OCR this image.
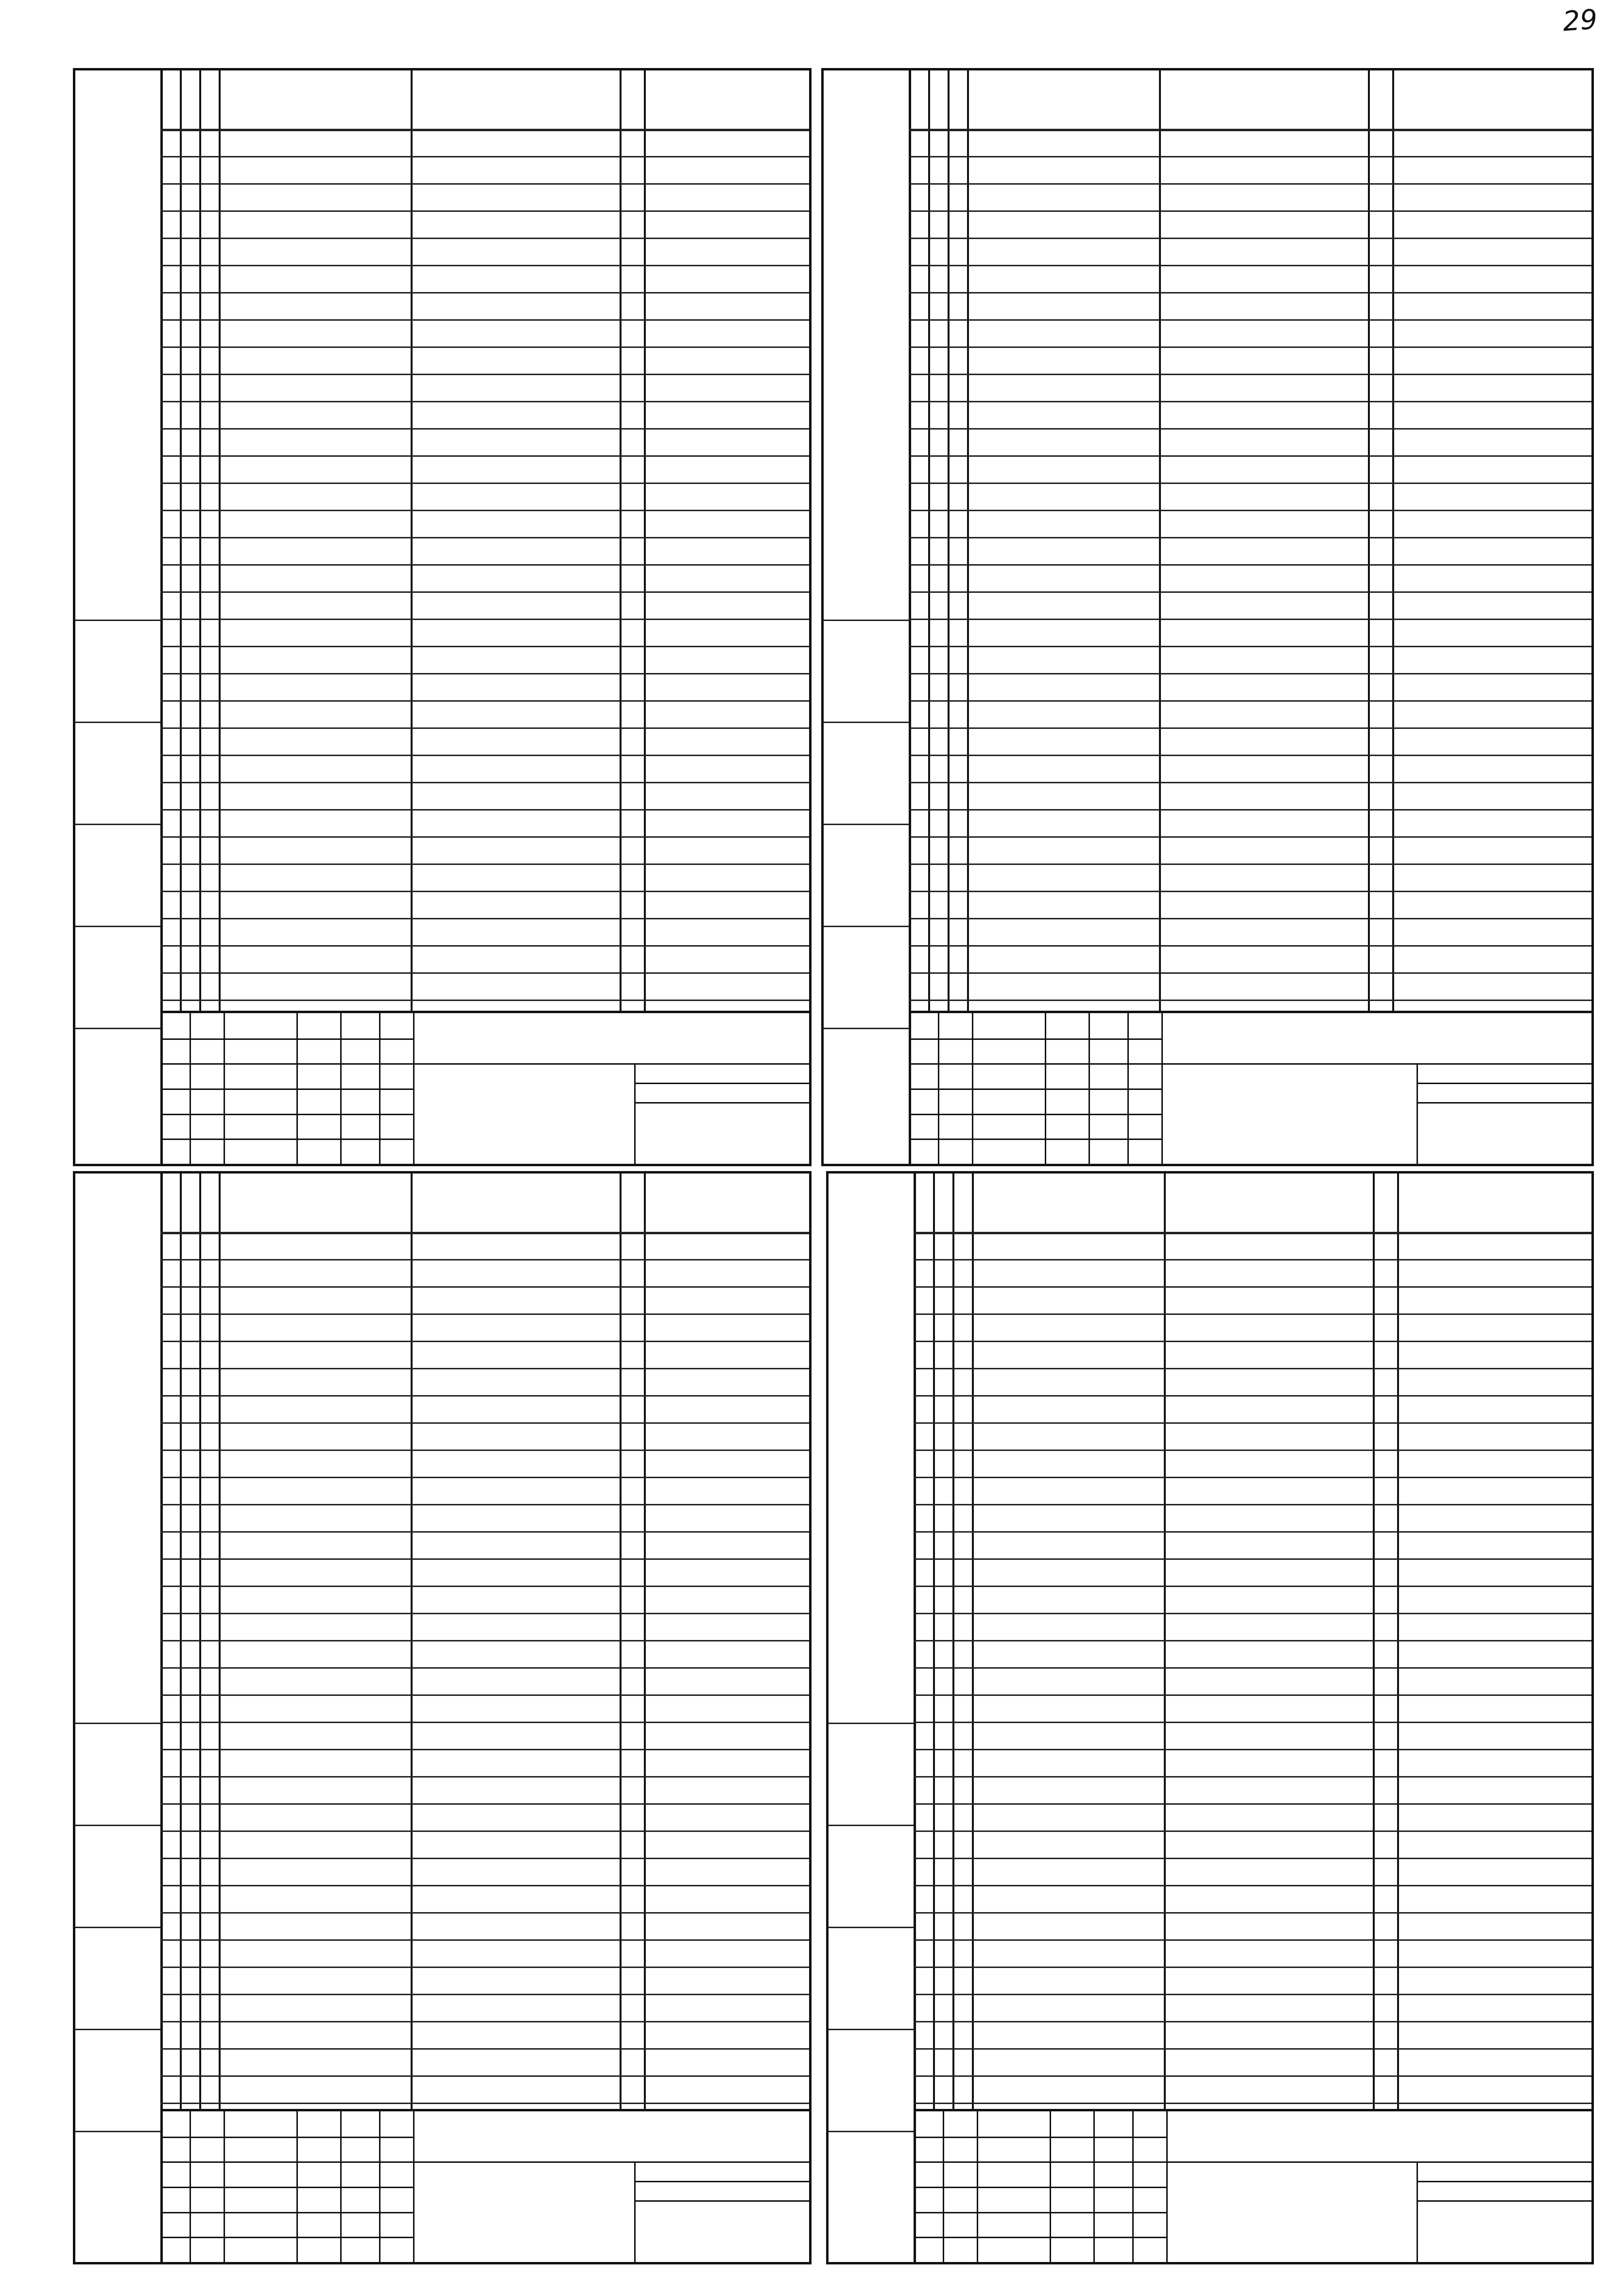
29
